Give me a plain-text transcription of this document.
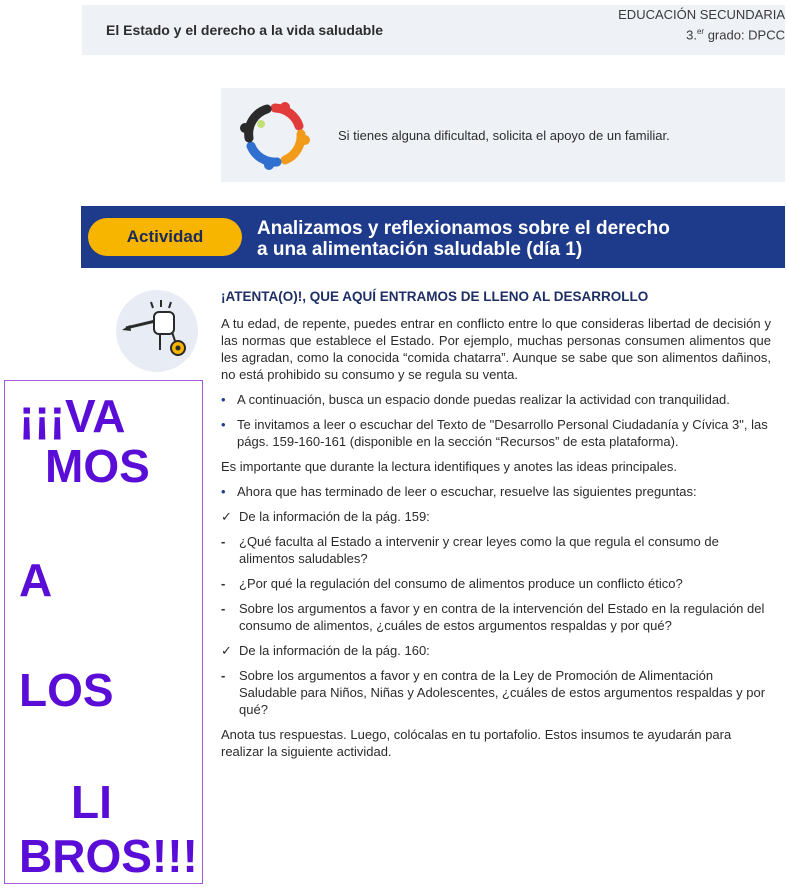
El Estado y el derecho a la vida saludable
EDUCACIÓN SECUNDARIA
3.$^{er}$ grado: DPCC
Si tienes alguna dificultad, solicita el apoyo de un familiar.
Actividad	Analizamos y reflexionamos sobre el derecho
a una alimentación saludable (día 1)

¡ATENTA(O)!, QUE AQUÍ ENTRAMOS DE LLENO AL DESARROLLO

A tu edad, de repente, puedes entrar en conflicto entre lo que consideras libertad de decisión y las normas que establece el Estado. Por ejemplo, muchas personas consumen alimentos que les agradan, como la conocida “comida chatarra”. Aunque se sabe que son alimentos dañinos, no está prohibido su consumo y se regula su venta.

• A continuación, busca un espacio donde puedas realizar la actividad con tranquilidad.

• Te invitamos a leer o escuchar del Texto de "Desarrollo Personal Ciudadanía y Cívica 3", las págs. 159-160-161 (disponible en la sección “Recursos” de esta plataforma).

Es importante que durante la lectura identifiques y anotes las ideas principales.

• Ahora que has terminado de leer o escuchar, resuelve las siguientes preguntas:

✓ De la información de la pág. 159:

- ¿Qué faculta al Estado a intervenir y crear leyes como la que regula el consumo de alimentos saludables?

- ¿Por qué la regulación del consumo de alimentos produce un conflicto ético?

- Sobre los argumentos a favor y en contra de la intervención del Estado en la regulación del consumo de alimentos, ¿cuáles de estos argumentos respaldas y por qué?

✓ De la información de la pág. 160:

- Sobre los argumentos a favor y en contra de la Ley de Promoción de Alimentación Saludable para Niños, Niñas y Adolescentes, ¿cuáles de estos argumentos respaldas y por qué?

Anota tus respuestas. Luego, colócalas en tu portafolio. Estos insumos te ayudarán para realizar la siguiente actividad.

¡¡¡VA
MOS
A
LOS
LI
BROS!!!
